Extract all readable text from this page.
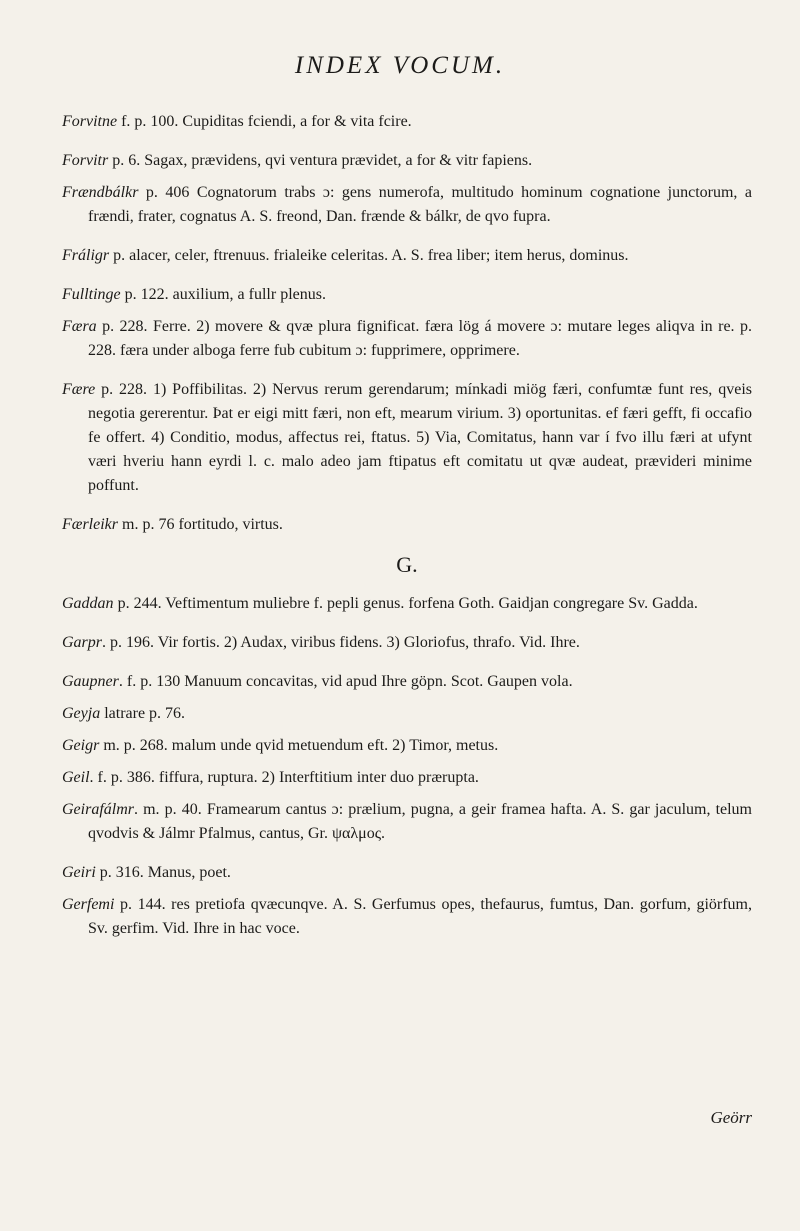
INDEX VOCUM.

Forvitne f. p. 100. Cupiditas fciendi, a for & vita fcire.

Forvitr p. 6. Sagax, prævidens, qvi ventura prævidet, a for & vitr fapiens.

Frændbálkr p. 406 Cognatorum trabs ɔ: gens numerofa, multitudo hominum cognatione junctorum, a frændi, frater, cognatus A. S. freond, Dan. frænde & bálkr, de qvo fupra.

Fráligr p. alacer, celer, ftrenuus. frialeike celeritas. A. S. frea liber; item herus, dominus.

Fulltinge p. 122. auxilium, a fullr plenus.

Færa p. 228. Ferre. 2) movere & qvæ plura fignificat. færa lög á movere ɔ: mutare leges aliqva in re. p. 228. færa under alboga ferre fub cubitum ɔ: fupprimere, opprimere.

Fære p. 228. 1) Poffibilitas. 2) Nervus rerum gerendarum; mínkadi miög færi, confumtæ funt res, qveis negotia gererentur. Þat er eigi mitt færi, non eft, mearum virium. 3) oportunitas. ef færi gefft, fi occafio fe offert. 4) Conditio, modus, affectus rei, ftatus. 5) Via, Comitatus, hann var í fvo illu færi at ufynt væri hveriu hann eyrdi l. c. malo adeo jam ftipatus eft comitatu ut qvæ audeat, prævideri minime poffunt.

Færleikr m. p. 76 fortitudo, virtus.

G.

Gaddan p. 244. Veftimentum muliebre f. pepli genus. forfena Goth. Gaidjan congregare Sv. Gadda.

Garpr. p. 196. Vir fortis. 2) Audax, viribus fidens. 3) Gloriofus, thrafo. Vid. Ihre.

Gaupner. f. p. 130 Manuum concavitas, vid apud Ihre göpn. Scot. Gaupen vola.

Geyja latrare p. 76.

Geigr m. p. 268. malum unde qvid metuendum eft. 2) Timor, metus.

Geil. f. p. 386. fiffura, ruptura. 2) Interftitium inter duo prærupta.

Geirafálmr. m. p. 40. Framearum cantus ɔ: prælium, pugna, a geir framea hafta. A. S. gar jaculum, telum qvodvis & Jálmr Pfalmus, cantus, Gr. ψαλμος.

Geiri p. 316. Manus, poet.

Gerfemi p. 144. res pretiofa qvæcunqve. A. S. Gerfumus opes, thefaurus, fumtus, Dan. gorfum, giörfum, Sv. gerfim. Vid. Ihre in hac voce.

Geörr
